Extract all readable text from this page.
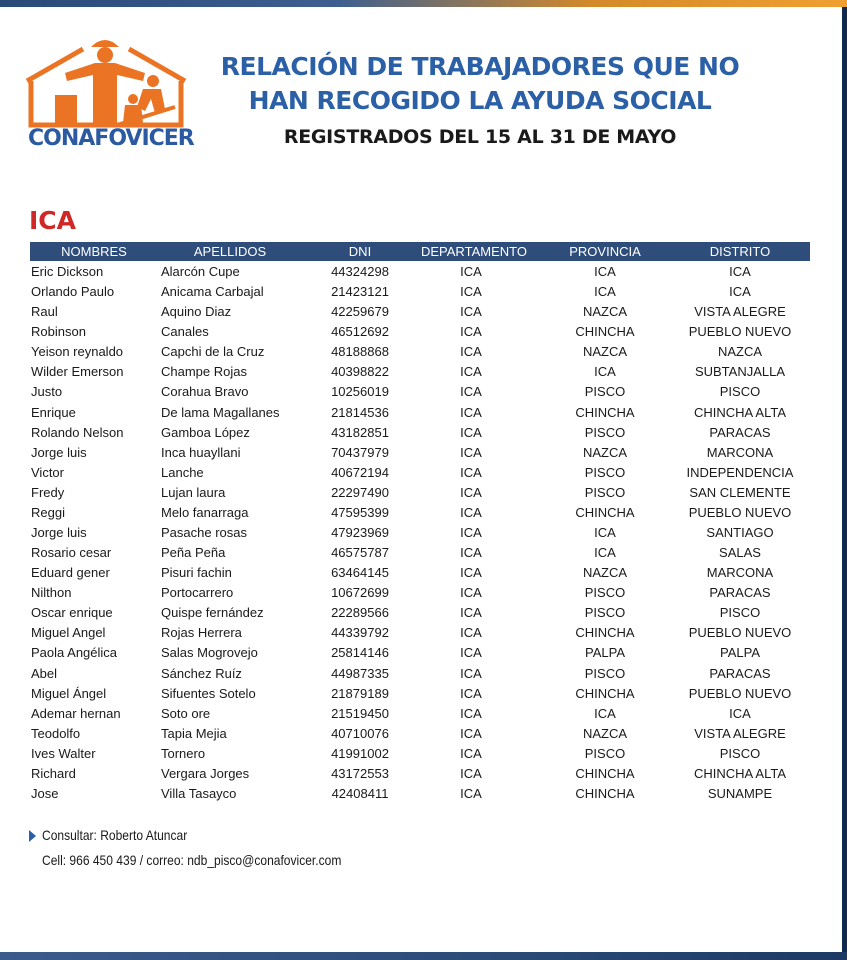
CONAFOVICER
RELACIÓN DE TRABAJADORES QUE NO
HAN RECOGIDO LA AYUDA SOCIAL
REGISTRADOS DEL 15 AL 31 DE MAYO
ICA
NOMBRES	APELLIDOS	DNI	DEPARTAMENTO	PROVINCIA	DISTRITO
Eric Dickson	Alarcón Cupe	44324298	ICA	ICA	ICA
Orlando Paulo	Anicama Carbajal	21423121	ICA	ICA	ICA
Raul	Aquino Diaz	42259679	ICA	NAZCA	VISTA ALEGRE
Robinson	Canales	46512692	ICA	CHINCHA	PUEBLO NUEVO
Yeison reynaldo	Capchi de la Cruz	48188868	ICA	NAZCA	NAZCA
Wilder Emerson	Champe Rojas	40398822	ICA	ICA	SUBTANJALLA
Justo	Corahua Bravo	10256019	ICA	PISCO	PISCO
Enrique	De lama Magallanes	21814536	ICA	CHINCHA	CHINCHA ALTA
Rolando Nelson	Gamboa López	43182851	ICA	PISCO	PARACAS
Jorge luis	Inca huayllani	70437979	ICA	NAZCA	MARCONA
Victor	Lanche	40672194	ICA	PISCO	INDEPENDENCIA
Fredy	Lujan laura	22297490	ICA	PISCO	SAN CLEMENTE
Reggi	Melo fanarraga	47595399	ICA	CHINCHA	PUEBLO NUEVO
Jorge luis	Pasache rosas	47923969	ICA	ICA	SANTIAGO
Rosario cesar	Peña Peña	46575787	ICA	ICA	SALAS
Eduard gener	Pisuri fachin	63464145	ICA	NAZCA	MARCONA
Nilthon	Portocarrero	10672699	ICA	PISCO	PARACAS
Oscar enrique	Quispe fernández	22289566	ICA	PISCO	PISCO
Miguel Angel	Rojas Herrera	44339792	ICA	CHINCHA	PUEBLO NUEVO
Paola Angélica	Salas Mogrovejo	25814146	ICA	PALPA	PALPA
Abel	Sánchez Ruíz	44987335	ICA	PISCO	PARACAS
Miguel Ángel	Sifuentes Sotelo	21879189	ICA	CHINCHA	PUEBLO NUEVO
Ademar hernan	Soto ore	21519450	ICA	ICA	ICA
Teodolfo	Tapia Mejia	40710076	ICA	NAZCA	VISTA ALEGRE
Ives Walter	Tornero	41991002	ICA	PISCO	PISCO
Richard	Vergara Jorges	43172553	ICA	CHINCHA	CHINCHA ALTA
Jose	Villa Tasayco	42408411	ICA	CHINCHA	SUNAMPE
Consultar: Roberto Atuncar
Cell: 966 450 439 / correo: ndb_pisco@conafovicer.com
